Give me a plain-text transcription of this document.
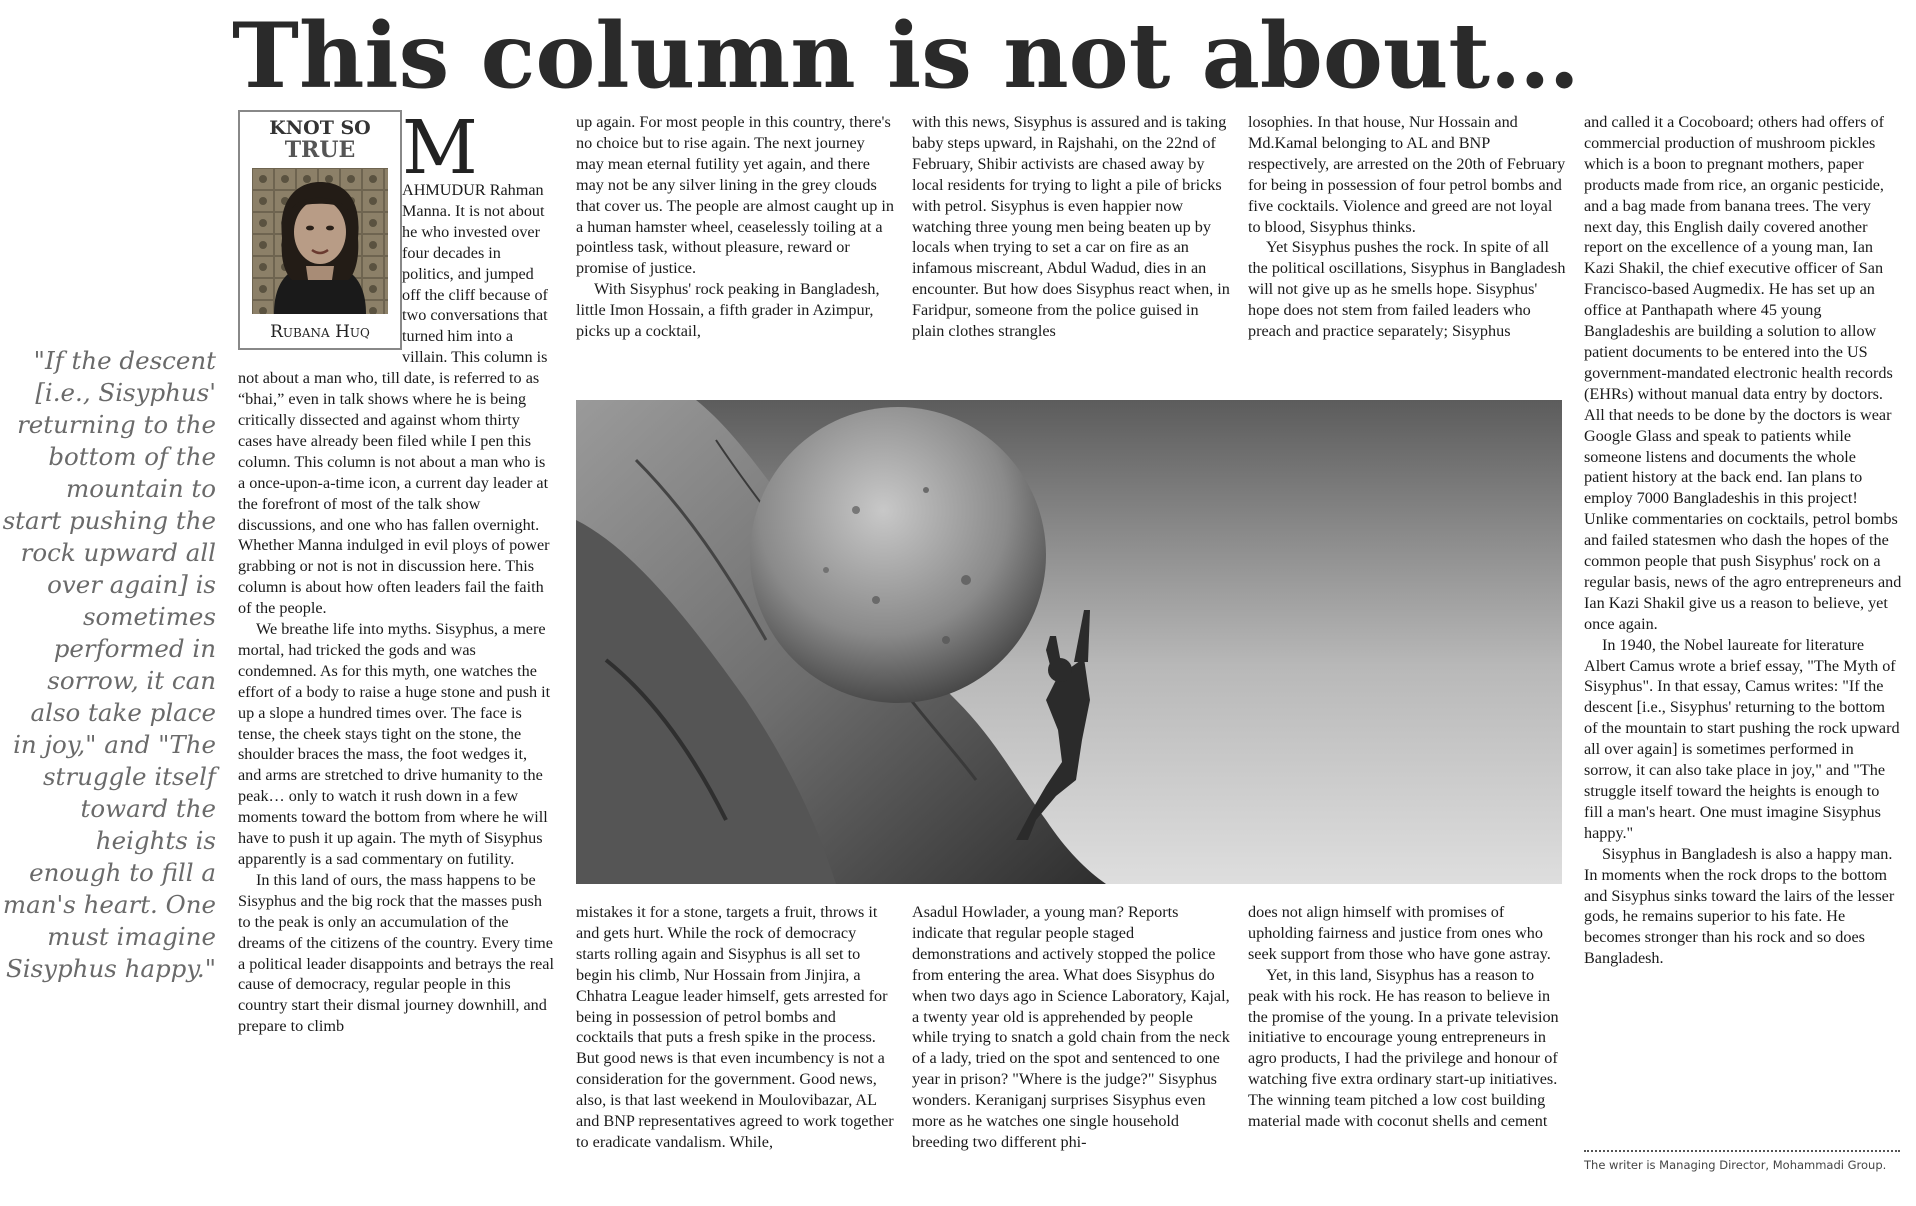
This column is not about…
"If the descent [i.e., Sisyphus' returning to the bottom of the mountain to start pushing the rock upward all over again] is sometimes performed in sorrow, it can also take place in joy," and "The struggle itself toward the heights is enough to fill a man's heart. One must imagine Sisyphus happy."
KNOT SO
TRUE
Rubana Huq

M
AHMUDUR Rahman Manna. It is not about he who invested over four decades in politics, and jumped off the cliff because of two conversations that turned him into a villain. This column is not about a man who, till date, is referred to as “bhai,” even in talk shows where he is being critically dissected and against whom thirty cases have already been filed while I pen this column. This column is not about a man who is a once-upon-a-time icon, a current day leader at the forefront of most of the talk show discussions, and one who has fallen overnight. Whether Manna indulged in evil ploys of power grabbing or not is not in discussion here. This column is about how often leaders fail the faith of the people.

We breathe life into myths. Sisyphus, a mere mortal, had tricked the gods and was condemned. As for this myth, one watches the effort of a body to raise a huge stone and push it up a slope a hundred times over. The face is tense, the cheek stays tight on the stone, the shoulder braces the mass, the foot wedges it, and arms are stretched to drive humanity to the peak… only to watch it rush down in a few moments toward the bottom from where he will have to push it up again. The myth of Sisyphus apparently is a sad commentary on futility.

In this land of ours, the mass happens to be Sisyphus and the big rock that the masses push to the peak is only an accumulation of the dreams of the citizens of the country. Every time a political leader disappoints and betrays the real cause of democracy, regular people in this country start their dismal journey downhill, and prepare to climb

up again. For most people in this country, there's no choice but to rise again. The next journey may mean eternal futility yet again, and there may not be any silver lining in the grey clouds that cover us. The people are almost caught up in a human hamster wheel, ceaselessly toiling at a pointless task, without pleasure, reward or promise of justice.

With Sisyphus' rock peaking in Bangladesh, little Imon Hossain, a fifth grader in Azimpur, picks up a cocktail,

with this news, Sisyphus is assured and is taking baby steps upward, in Rajshahi, on the 22nd of February, Shibir activists are chased away by local residents for trying to light a pile of bricks with petrol. Sisyphus is even happier now watching three young men being beaten up by locals when trying to set a car on fire as an infamous miscreant, Abdul Wadud, dies in an encounter. But how does Sisyphus react when, in Faridpur, someone from the police guised in plain clothes strangles

losophies. In that house, Nur Hossain and Md.Kamal belonging to AL and BNP respectively, are arrested on the 20th of February for being in possession of four petrol bombs and five cocktails. Violence and greed are not loyal to blood, Sisyphus thinks.

Yet Sisyphus pushes the rock. In spite of all the political oscillations, Sisyphus in Bangladesh will not give up as he smells hope. Sisyphus' hope does not stem from failed leaders who preach and practice separately; Sisyphus

mistakes it for a stone, targets a fruit, throws it and gets hurt. While the rock of democracy starts rolling again and Sisyphus is all set to begin his climb, Nur Hossain from Jinjira, a Chhatra League leader himself, gets arrested for being in possession of petrol bombs and cocktails that puts a fresh spike in the process. But good news is that even incumbency is not a consideration for the government. Good news, also, is that last weekend in Moulovibazar, AL and BNP representatives agreed to work together to eradicate vandalism. While,

Asadul Howlader, a young man? Reports indicate that regular people staged demonstrations and actively stopped the police from entering the area. What does Sisyphus do when two days ago in Science Laboratory, Kajal, a twenty year old is apprehended by people while trying to snatch a gold chain from the neck of a lady, tried on the spot and sentenced to one year in prison? "Where is the judge?" Sisyphus wonders. Keraniganj surprises Sisyphus even more as he watches one single household breeding two different phi-

does not align himself with promises of upholding fairness and justice from ones who seek support from those who have gone astray.

Yet, in this land, Sisyphus has a reason to peak with his rock. He has reason to believe in the promise of the young. In a private television initiative to encourage young entrepreneurs in agro products, I had the privilege and honour of watching five extra ordinary start-up initiatives. The winning team pitched a low cost building material made with coconut shells and cement

and called it a Cocoboard; others had offers of commercial production of mushroom pickles which is a boon to pregnant mothers, paper products made from rice, an organic pesticide, and a bag made from banana trees. The very next day, this English daily covered another report on the excellence of a young man, Ian Kazi Shakil, the chief executive officer of San Francisco-based Augmedix. He has set up an office at Panthapath where 45 young Bangladeshis are building a solution to allow patient documents to be entered into the US government-mandated electronic health records (EHRs) without manual data entry by doctors. All that needs to be done by the doctors is wear Google Glass and speak to patients while someone listens and documents the whole patient history at the back end. Ian plans to employ 7000 Bangladeshis in this project! Unlike commentaries on cocktails, petrol bombs and failed statesmen who dash the hopes of the common people that push Sisyphus' rock on a regular basis, news of the agro entrepreneurs and Ian Kazi Shakil give us a reason to believe, yet once again.

In 1940, the Nobel laureate for literature Albert Camus wrote a brief essay, "The Myth of Sisyphus". In that essay, Camus writes: "If the descent [i.e., Sisyphus' returning to the bottom of the mountain to start pushing the rock upward all over again] is sometimes performed in sorrow, it can also take place in joy," and "The struggle itself toward the heights is enough to fill a man's heart. One must imagine Sisyphus happy."

Sisyphus in Bangladesh is also a happy man. In moments when the rock drops to the bottom and Sisyphus sinks toward the lairs of the lesser gods, he remains superior to his fate. He becomes stronger than his rock and so does Bangladesh.

The writer is Managing Director, Mohammadi Group.
